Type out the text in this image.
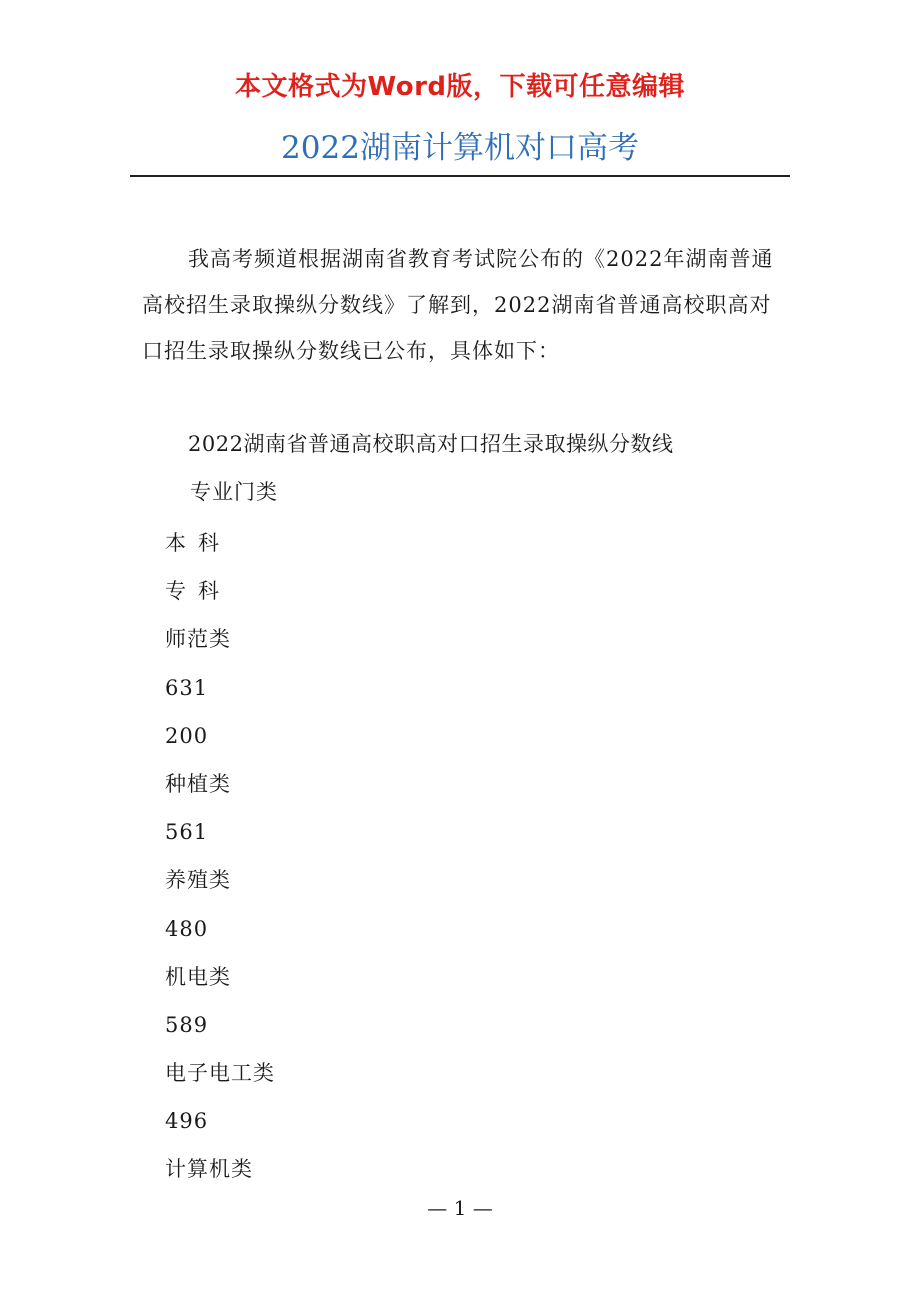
本文格式为Word版，下载可任意编辑
2022湖南计算机对口高考
我高考频道根据湖南省教育考试院公布的《2022年湖南普通高校招生录取操纵分数线》了解到，2022湖南省普通高校职高对口招生录取操纵分数线已公布，具体如下：
2022湖南省普通高校职高对口招生录取操纵分数线
专业门类
本科
专科
师范类
631
200
种植类
561
养殖类
480
机电类
589
电子电工类
496
计算机类
— 1 —
